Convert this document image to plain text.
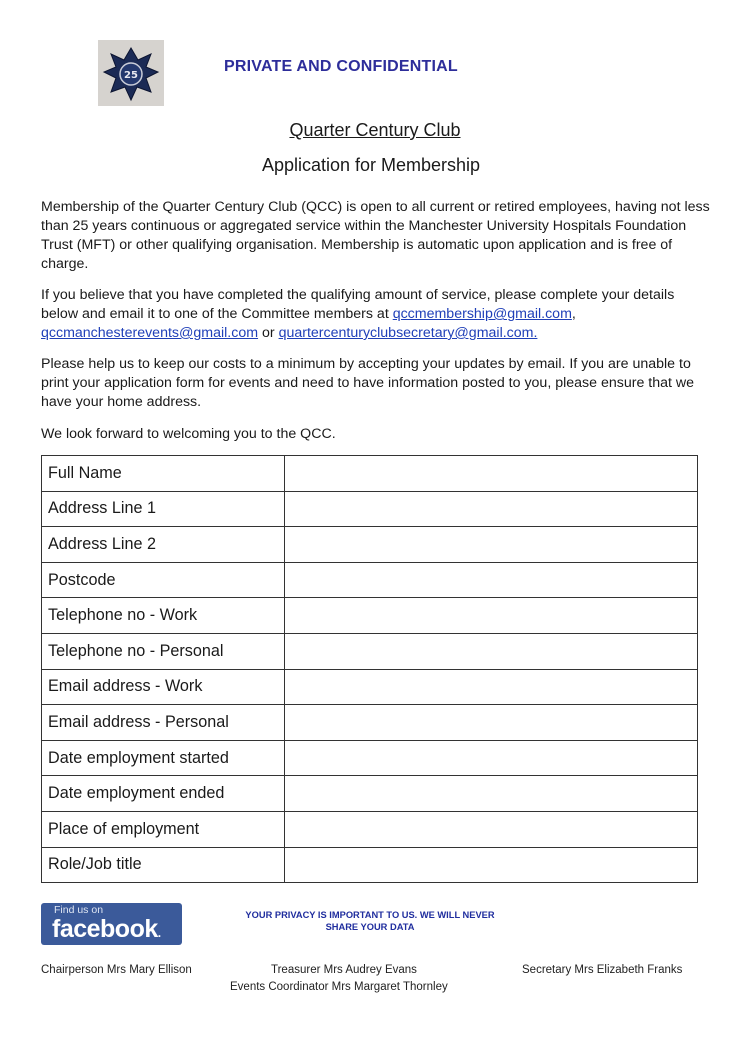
25
PRIVATE AND CONFIDENTIAL
Quarter Century Club
Application for Membership
Membership of the Quarter Century Club (QCC) is open to all current or retired employees, having not less than 25 years continuous or aggregated service within the Manchester University Hospitals Foundation Trust (MFT) or other qualifying organisation. Membership is automatic upon application and is free of charge.
If you believe that you have completed the qualifying amount of service, please complete your details below and email it to one of the Committee members at qccmembership@gmail.com,
qccmanchesterevents@gmail.com or quartercenturyclubsecretary@gmail.com.
Please help us to keep our costs to a minimum by accepting your updates by email. If you are unable to print your application form for events and need to have information posted to you, please ensure that we have your home address.
We look forward to welcoming you to the QCC.
Full Name	
Address Line 1	
Address Line 2	
Postcode	
Telephone no - Work	
Telephone no - Personal	
Email address - Work	
Email address - Personal	
Date employment started	
Date employment ended	
Place of employment	
Role/Job title	
Find us on
facebook.
YOUR PRIVACY IS IMPORTANT TO US. WE WILL NEVER
SHARE YOUR DATA
Chairperson Mrs Mary Ellison	Treasurer Mrs Audrey Evans	Secretary Mrs Elizabeth Franks
Events Coordinator Mrs Margaret Thornley
